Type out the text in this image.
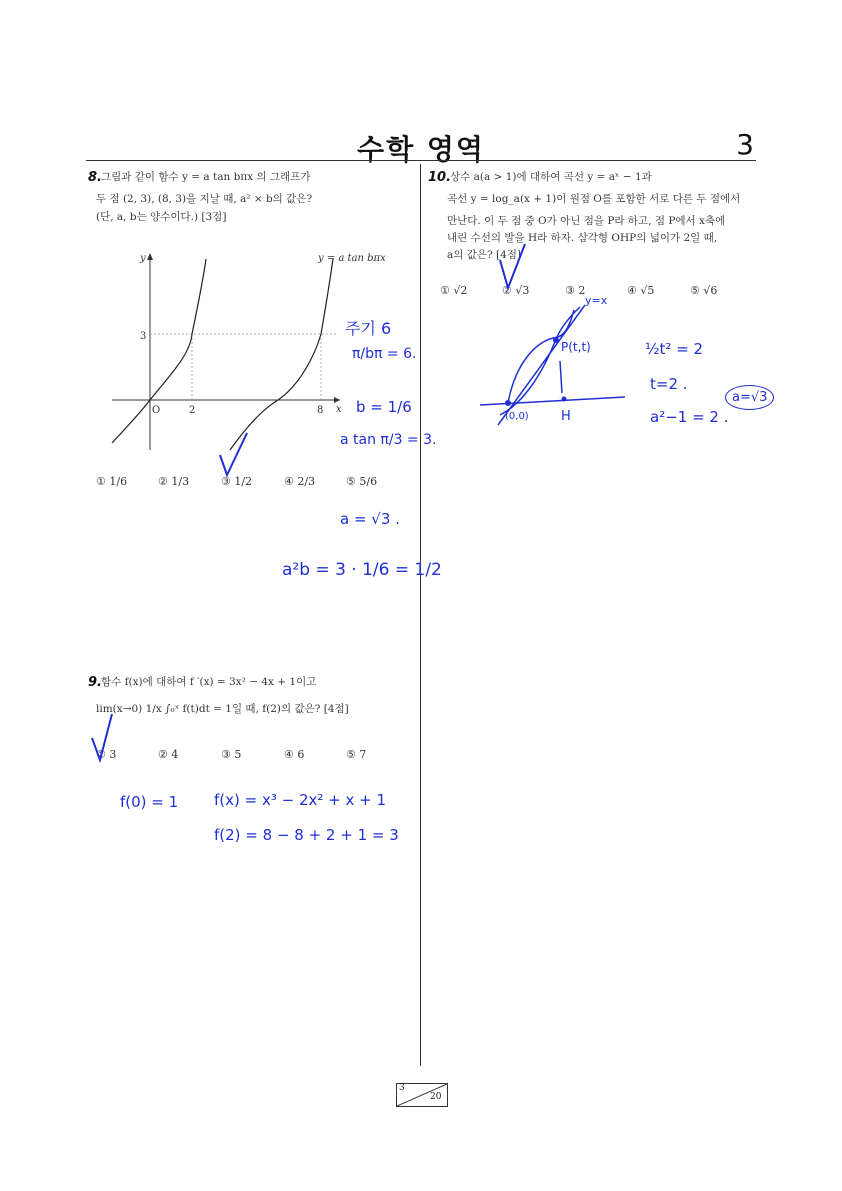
수학 영역	3
8. 그림과 같이 함수 y = a tan bπx 의 그래프가
두 점 (2, 3), (8, 3)을 지날 때, a² × b의 값은?
(단, a, b는 양수이다.) [3점]
y
x
O
3
2	8
y = a tan bπx
① 1/6	② 1/3	③ 1/2	④ 2/3	⑤ 5/6
주기 6
π/bπ = 6.
b = 1/6
a tan π/3 = 3.
a = √3 .
a²b = 3 · 1/6 = 1/2
9. 함수 f(x)에 대하여 f ′(x) = 3x² − 4x + 1이고
lim(x→0) 1/x ∫₀ˣ f(t)dt = 1일 때, f(2)의 값은? [4점]
① 3	② 4	③ 5	④ 6	⑤ 7
f(0) = 1 f(x) = x³ − 2x² + x + 1
f(2) = 8 − 8 + 2 + 1 = 3
10.
상수 a(a > 1)에 대하여 곡선 y = aˣ − 1과
곡선 y = log_a(x + 1)이 원점 O를 포함한 서로 다른 두 점에서
만난다. 이 두 점 중 O가 아닌 점을 P라 하고, 점 P에서 x축에
내린 수선의 발을 H라 하자. 삼각형 OHP의 넓이가 2일 때,
a의 값은? [4점]
① √2	② √3	③ 2	④ √5	⑤ √6
y=x
P(t,t)
(0,0) H
½t² = 2
t=2 .
a²−1 = 2 .
a=√3
3
20
